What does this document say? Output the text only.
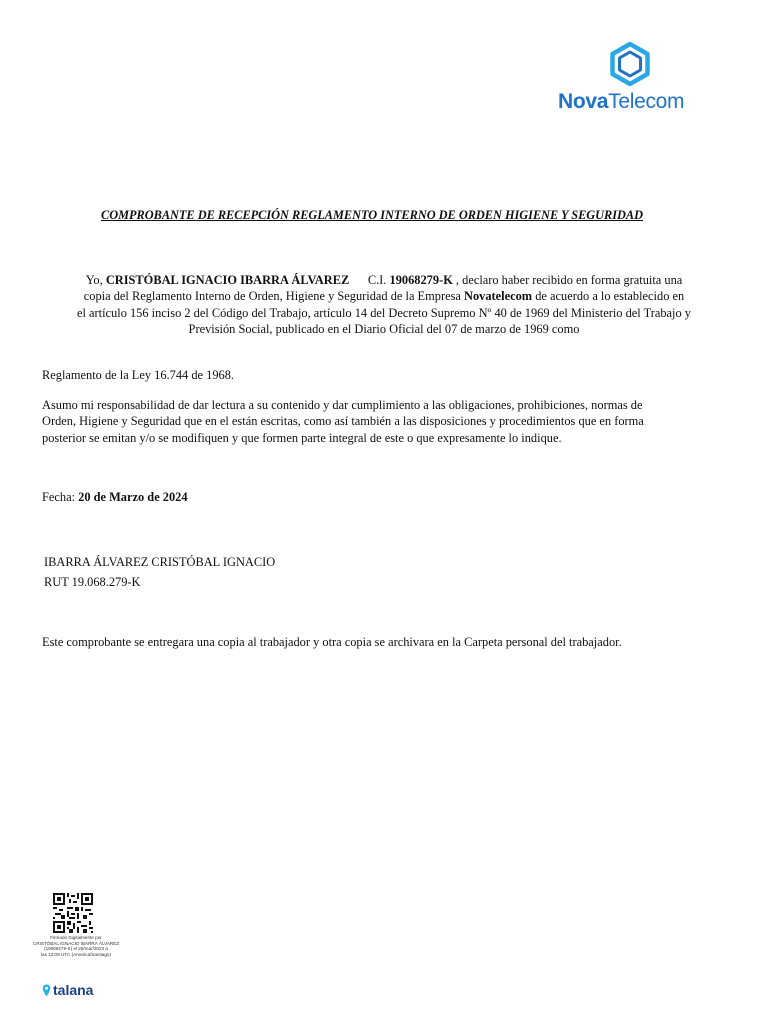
NovaTelecom
COMPROBANTE DE RECEPCIÓN REGLAMENTO INTERNO DE ORDEN HIGIENE Y SEGURIDAD
Yo, CRISTÓBAL IGNACIO IBARRA ÁLVAREZ C.I. 19068279-K , declaro haber recibido en forma gratuita una
copia del Reglamento Interno de Orden, Higiene y Seguridad de la Empresa Novatelecom de acuerdo a lo establecido en
el artículo 156 inciso 2 del Código del Trabajo, artículo 14 del Decreto Supremo Nº 40 de 1969 del Ministerio del Trabajo y
Previsión Social, publicado en el Diario Oficial del 07 de marzo de 1969 como
Reglamento de la Ley 16.744 de 1968.
Asumo mi responsabilidad de dar lectura a su contenido y dar cumplimiento a las obligaciones, prohibiciones, normas de
Orden, Higiene y Seguridad que en el están escritas, como así también a las disposiciones y procedimientos que en forma
posterior se emitan y/o se modifiquen y que formen parte integral de este o que expresamente lo indique.
Fecha: 20 de Marzo de 2024
IBARRA ÁLVAREZ CRISTÓBAL IGNACIO
RUT 19.068.279-K
Este comprobante se entregara una copia al trabajador y otra copia se archivara en la Carpeta personal del trabajador.
Firmado Digitalmente por
CRISTÓBAL IGNACIO IBARRA ÁLVAREZ
(19068279-K) el 25/mar/2023 a
las 12:09 UTC (America/Santiago)
talana
